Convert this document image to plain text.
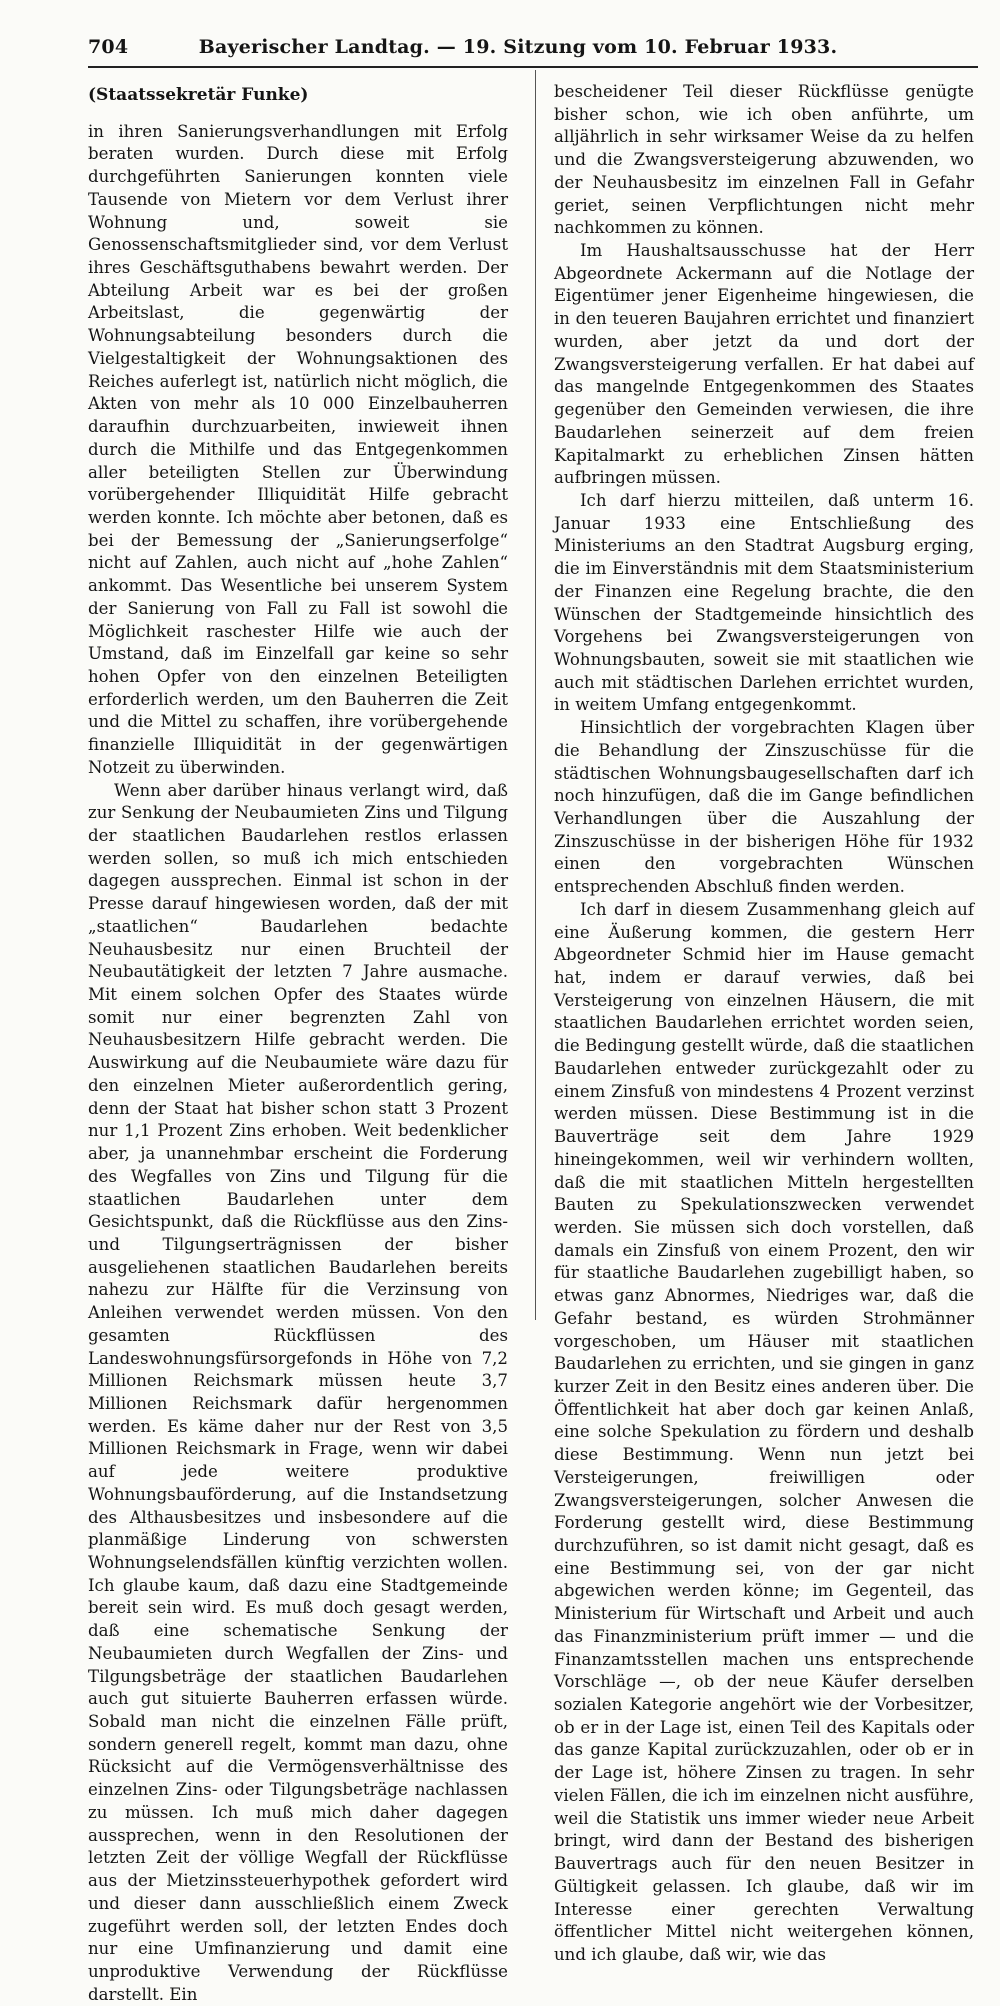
704	Bayerischer Landtag. — 19. Sitzung vom 10. Februar 1933.

(Staatssekretär Funke)

in ihren Sanierungsverhandlungen mit Erfolg beraten wurden. Durch diese mit Erfolg durchgeführten Sanierungen konnten viele Tausende von Mietern vor dem Verlust ihrer Wohnung und, soweit sie Genossenschaftsmitglieder sind, vor dem Verlust ihres Geschäftsguthabens bewahrt werden. Der Abteilung Arbeit war es bei der großen Arbeitslast, die gegenwärtig der Wohnungsabteilung besonders durch die Vielgestaltigkeit der Wohnungsaktionen des Reiches auferlegt ist, natürlich nicht möglich, die Akten von mehr als 10 000 Einzelbauherren daraufhin durchzuarbeiten, inwieweit ihnen durch die Mithilfe und das Entgegenkommen aller beteiligten Stellen zur Überwindung vorübergehender Illiquidität Hilfe gebracht werden konnte. Ich möchte aber betonen, daß es bei der Bemessung der „Sanierungserfolge“ nicht auf Zahlen, auch nicht auf „hohe Zahlen“ ankommt. Das Wesentliche bei unserem System der Sanierung von Fall zu Fall ist sowohl die Möglichkeit raschester Hilfe wie auch der Umstand, daß im Einzelfall gar keine so sehr hohen Opfer von den einzelnen Beteiligten erforderlich werden, um den Bauherren die Zeit und die Mittel zu schaffen, ihre vorübergehende finanzielle Illiquidität in der gegenwärtigen Notzeit zu überwinden.

Wenn aber darüber hinaus verlangt wird, daß zur Senkung der Neubaumieten Zins und Tilgung der staatlichen Baudarlehen restlos erlassen werden sollen, so muß ich mich entschieden dagegen aussprechen. Einmal ist schon in der Presse darauf hingewiesen worden, daß der mit „staatlichen“ Baudarlehen bedachte Neuhausbesitz nur einen Bruchteil der Neubautätigkeit der letzten 7 Jahre ausmache. Mit einem solchen Opfer des Staates würde somit nur einer begrenzten Zahl von Neuhausbesitzern Hilfe gebracht werden. Die Auswirkung auf die Neubaumiete wäre dazu für den einzelnen Mieter außerordentlich gering, denn der Staat hat bisher schon statt 3 Prozent nur 1,1 Prozent Zins erhoben. Weit bedenklicher aber, ja unannehmbar erscheint die Forderung des Wegfalles von Zins und Tilgung für die staatlichen Baudarlehen unter dem Gesichtspunkt, daß die Rückflüsse aus den Zins- und Tilgungserträgnissen der bisher ausgeliehenen staatlichen Baudarlehen bereits nahezu zur Hälfte für die Verzinsung von Anleihen verwendet werden müssen. Von den gesamten Rückflüssen des Landeswohnungsfürsorgefonds in Höhe von 7,2 Millionen Reichsmark müssen heute 3,7 Millionen Reichsmark dafür hergenommen werden. Es käme daher nur der Rest von 3,5 Millionen Reichsmark in Frage, wenn wir dabei auf jede weitere produktive Wohnungsbauförderung, auf die Instandsetzung des Althausbesitzes und insbesondere auf die planmäßige Linderung von schwersten Wohnungselendsfällen künftig verzichten wollen. Ich glaube kaum, daß dazu eine Stadtgemeinde bereit sein wird. Es muß doch gesagt werden, daß eine schematische Senkung der Neubaumieten durch Wegfallen der Zins- und Tilgungsbeträge der staatlichen Baudarlehen auch gut situierte Bauherren erfassen würde. Sobald man nicht die einzelnen Fälle prüft, sondern generell regelt, kommt man dazu, ohne Rücksicht auf die Vermögensverhältnisse des einzelnen Zins- oder Tilgungsbeträge nachlassen zu müssen. Ich muß mich daher dagegen aussprechen, wenn in den Resolutionen der letzten Zeit der völlige Wegfall der Rückflüsse aus der Mietzinssteuerhypothek gefordert wird und dieser dann ausschließlich einem Zweck zugeführt werden soll, der letzten Endes doch nur eine Umfinanzierung und damit eine unproduktive Verwendung der Rückflüsse darstellt. Ein

bescheidener Teil dieser Rückflüsse genügte bisher schon, wie ich oben anführte, um alljährlich in sehr wirksamer Weise da zu helfen und die Zwangsversteigerung abzuwenden, wo der Neuhausbesitz im einzelnen Fall in Gefahr geriet, seinen Verpflichtungen nicht mehr nachkommen zu können.

Im Haushaltsausschusse hat der Herr Abgeordnete Ackermann auf die Notlage der Eigentümer jener Eigenheime hingewiesen, die in den teueren Baujahren errichtet und finanziert wurden, aber jetzt da und dort der Zwangsversteigerung verfallen. Er hat dabei auf das mangelnde Entgegenkommen des Staates gegenüber den Gemeinden verwiesen, die ihre Baudarlehen seinerzeit auf dem freien Kapitalmarkt zu erheblichen Zinsen hätten aufbringen müssen.

Ich darf hierzu mitteilen, daß unterm 16. Januar 1933 eine Entschließung des Ministeriums an den Stadtrat Augsburg erging, die im Einverständnis mit dem Staatsministerium der Finanzen eine Regelung brachte, die den Wünschen der Stadtgemeinde hinsichtlich des Vorgehens bei Zwangsversteigerungen von Wohnungsbauten, soweit sie mit staatlichen wie auch mit städtischen Darlehen errichtet wurden, in weitem Umfang entgegenkommt.

Hinsichtlich der vorgebrachten Klagen über die Behandlung der Zinszuschüsse für die städtischen Wohnungsbaugesellschaften darf ich noch hinzufügen, daß die im Gange befindlichen Verhandlungen über die Auszahlung der Zinszuschüsse in der bisherigen Höhe für 1932 einen den vorgebrachten Wünschen entsprechenden Abschluß finden werden.

Ich darf in diesem Zusammenhang gleich auf eine Äußerung kommen, die gestern Herr Abgeordneter Schmid hier im Hause gemacht hat, indem er darauf verwies, daß bei Versteigerung von einzelnen Häusern, die mit staatlichen Baudarlehen errichtet worden seien, die Bedingung gestellt würde, daß die staatlichen Baudarlehen entweder zurückgezahlt oder zu einem Zinsfuß von mindestens 4 Prozent verzinst werden müssen. Diese Bestimmung ist in die Bauverträge seit dem Jahre 1929 hineingekommen, weil wir verhindern wollten, daß die mit staatlichen Mitteln hergestellten Bauten zu Spekulationszwecken verwendet werden. Sie müssen sich doch vorstellen, daß damals ein Zinsfuß von einem Prozent, den wir für staatliche Baudarlehen zugebilligt haben, so etwas ganz Abnormes, Niedriges war, daß die Gefahr bestand, es würden Strohmänner vorgeschoben, um Häuser mit staatlichen Baudarlehen zu errichten, und sie gingen in ganz kurzer Zeit in den Besitz eines anderen über. Die Öffentlichkeit hat aber doch gar keinen Anlaß, eine solche Spekulation zu fördern und deshalb diese Bestimmung. Wenn nun jetzt bei Versteigerungen, freiwilligen oder Zwangsversteigerungen, solcher Anwesen die Forderung gestellt wird, diese Bestimmung durchzuführen, so ist damit nicht gesagt, daß es eine Bestimmung sei, von der gar nicht abgewichen werden könne; im Gegenteil, das Ministerium für Wirtschaft und Arbeit und auch das Finanzministerium prüft immer — und die Finanzamtsstellen machen uns entsprechende Vorschläge —, ob der neue Käufer derselben sozialen Kategorie angehört wie der Vorbesitzer, ob er in der Lage ist, einen Teil des Kapitals oder das ganze Kapital zurückzuzahlen, oder ob er in der Lage ist, höhere Zinsen zu tragen. In sehr vielen Fällen, die ich im einzelnen nicht ausführe, weil die Statistik uns immer wieder neue Arbeit bringt, wird dann der Bestand des bisherigen Bauvertrags auch für den neuen Besitzer in Gültigkeit gelassen. Ich glaube, daß wir im Interesse einer gerechten Verwaltung öffentlicher Mittel nicht weitergehen können, und ich glaube, daß wir, wie das
